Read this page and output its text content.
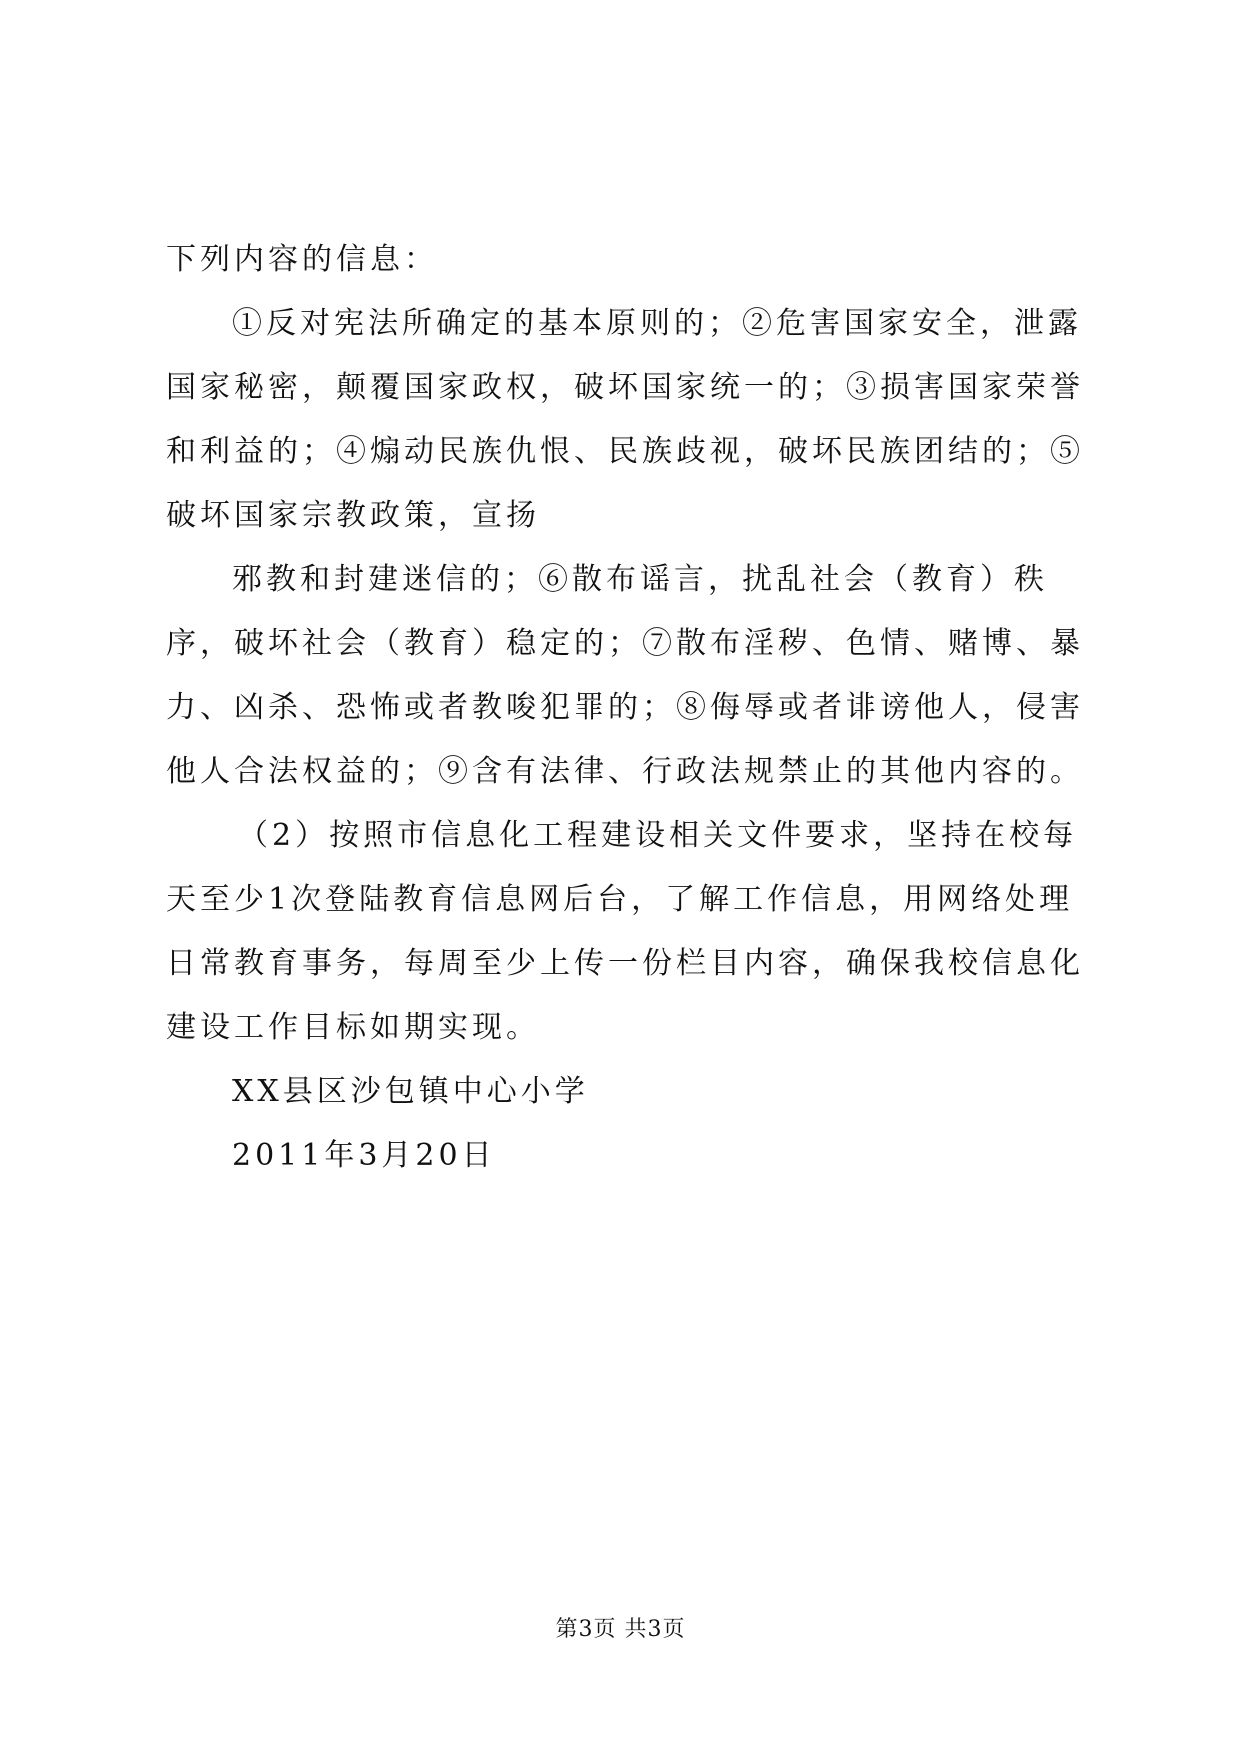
下列内容的信息：

①反对宪法所确定的基本原则的；②危害国家安全，泄露国家秘密，颠覆国家政权，破坏国家统一的；③损害国家荣誉和利益的；④煽动民族仇恨、民族歧视，破坏民族团结的；⑤破坏国家宗教政策，宣扬

邪教和封建迷信的；⑥散布谣言，扰乱社会（教育）秩序，破坏社会（教育）稳定的；⑦散布淫秽、色情、赌博、暴力、凶杀、恐怖或者教唆犯罪的；⑧侮辱或者诽谤他人，侵害他人合法权益的；⑨含有法律、行政法规禁止的其他内容的。

（2）按照市信息化工程建设相关文件要求，坚持在校每天至少1次登陆教育信息网后台，了解工作信息，用网络处理日常教育事务，每周至少上传一份栏目内容，确保我校信息化建设工作目标如期实现。

XX县区沙包镇中心小学

2011年3月20日

第3页 共3页
